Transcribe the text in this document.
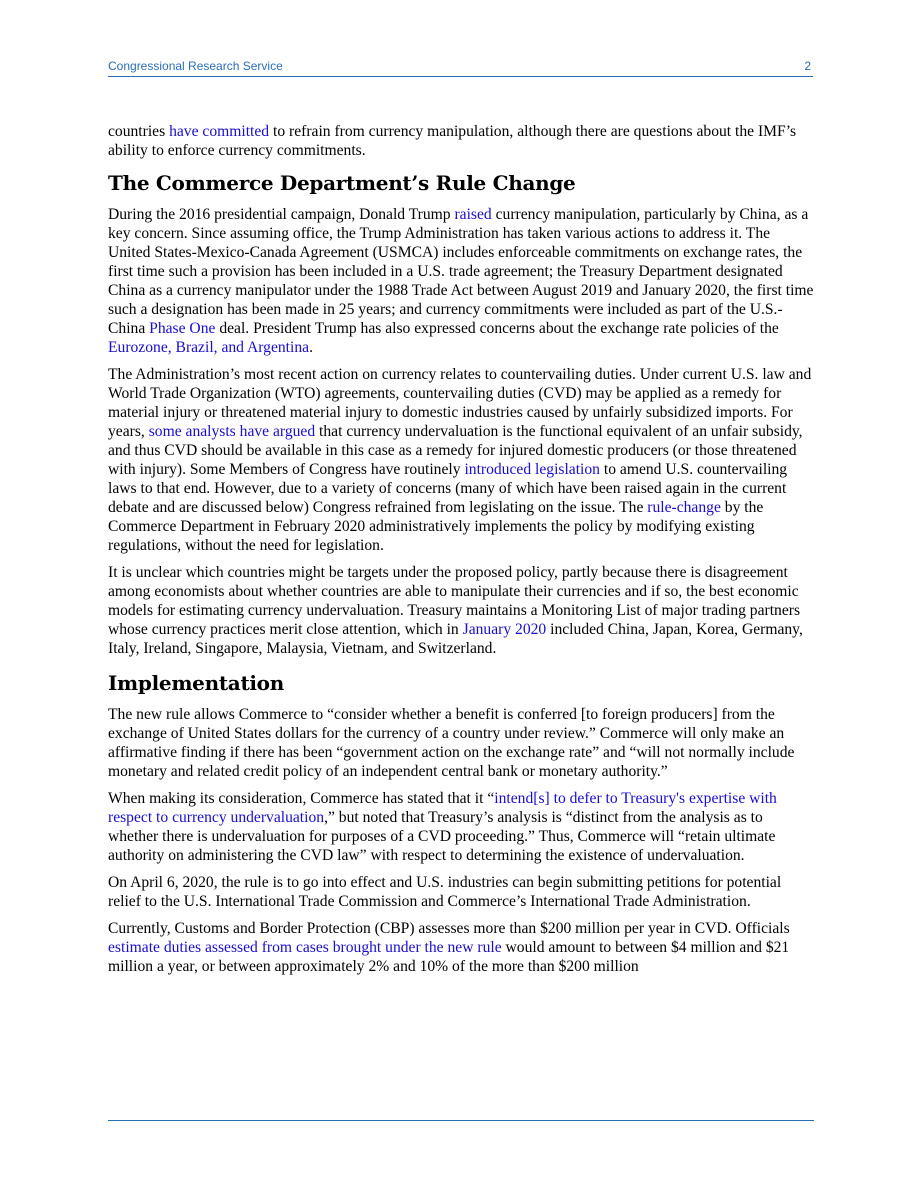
Congressional Research Service	2

countries have committed to refrain from currency manipulation, although there are questions about the IMF’s ability to enforce currency commitments.

The Commerce Department’s Rule Change

During the 2016 presidential campaign, Donald Trump raised currency manipulation, particularly by China, as a key concern. Since assuming office, the Trump Administration has taken various actions to address it. The United States-Mexico-Canada Agreement (USMCA) includes enforceable commitments on exchange rates, the first time such a provision has been included in a U.S. trade agreement; the Treasury Department designated China as a currency manipulator under the 1988 Trade Act between August 2019 and January 2020, the first time such a designation has been made in 25 years; and currency commitments were included as part of the U.S.-China Phase One deal. President Trump has also expressed concerns about the exchange rate policies of the Eurozone, Brazil, and Argentina.

The Administration’s most recent action on currency relates to countervailing duties. Under current U.S. law and World Trade Organization (WTO) agreements, countervailing duties (CVD) may be applied as a remedy for material injury or threatened material injury to domestic industries caused by unfairly subsidized imports. For years, some analysts have argued that currency undervaluation is the functional equivalent of an unfair subsidy, and thus CVD should be available in this case as a remedy for injured domestic producers (or those threatened with injury). Some Members of Congress have routinely introduced legislation to amend U.S. countervailing laws to that end. However, due to a variety of concerns (many of which have been raised again in the current debate and are discussed below) Congress refrained from legislating on the issue. The rule-change by the Commerce Department in February 2020 administratively implements the policy by modifying existing regulations, without the need for legislation.

It is unclear which countries might be targets under the proposed policy, partly because there is disagreement among economists about whether countries are able to manipulate their currencies and if so, the best economic models for estimating currency undervaluation. Treasury maintains a Monitoring List of major trading partners whose currency practices merit close attention, which in January 2020 included China, Japan, Korea, Germany, Italy, Ireland, Singapore, Malaysia, Vietnam, and Switzerland.

Implementation

The new rule allows Commerce to “consider whether a benefit is conferred [to foreign producers] from the exchange of United States dollars for the currency of a country under review.” Commerce will only make an affirmative finding if there has been “government action on the exchange rate” and “will not normally include monetary and related credit policy of an independent central bank or monetary authority.”

When making its consideration, Commerce has stated that it “intend[s] to defer to Treasury's expertise with respect to currency undervaluation,” but noted that Treasury’s analysis is “distinct from the analysis as to whether there is undervaluation for purposes of a CVD proceeding.” Thus, Commerce will “retain ultimate authority on administering the CVD law” with respect to determining the existence of undervaluation.

On April 6, 2020, the rule is to go into effect and U.S. industries can begin submitting petitions for potential relief to the U.S. International Trade Commission and Commerce’s International Trade Administration.

Currently, Customs and Border Protection (CBP) assesses more than $200 million per year in CVD. Officials estimate duties assessed from cases brought under the new rule would amount to between $4 million and $21 million a year, or between approximately 2% and 10% of the more than $200 million
